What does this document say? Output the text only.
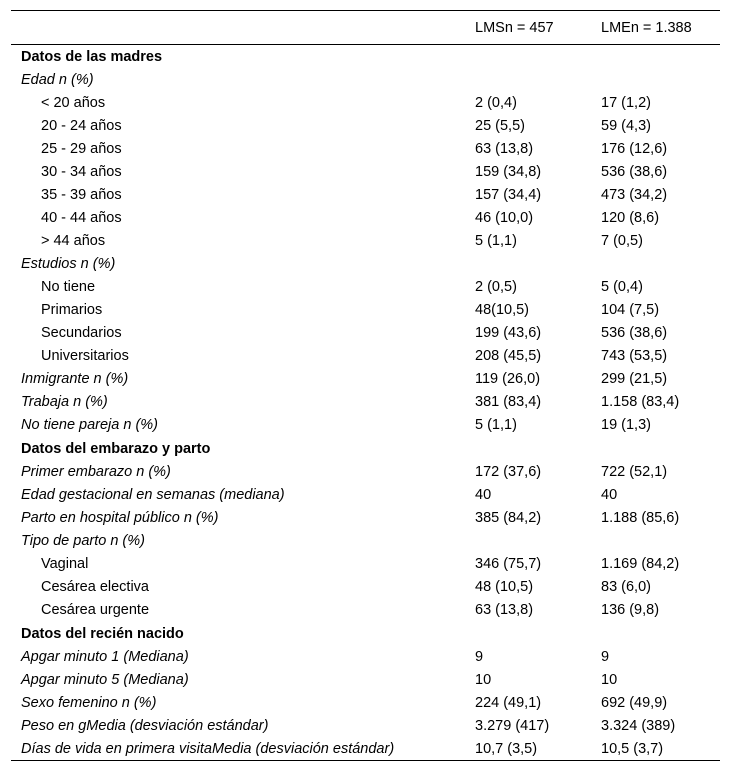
	LMSn = 457	LMEn = 1.388
Datos de las madres		
Edad n (%)		
< 20 años	2 (0,4)	17 (1,2)
20 - 24 años	25 (5,5)	59 (4,3)
25 - 29 años	63 (13,8)	176 (12,6)
30 - 34 años	159 (34,8)	536 (38,6)
35 - 39 años	157 (34,4)	473 (34,2)
40 - 44 años	46 (10,0)	120 (8,6)
> 44 años	5 (1,1)	7 (0,5)
Estudios n (%)		
No tiene	2 (0,5)	5 (0,4)
Primarios	48(10,5)	104 (7,5)
Secundarios	199 (43,6)	536 (38,6)
Universitarios	208 (45,5)	743 (53,5)
Inmigrante n (%)	119 (26,0)	299 (21,5)
Trabaja n (%)	381 (83,4)	1.158 (83,4)
No tiene pareja n (%)	5 (1,1)	19 (1,3)
Datos del embarazo y parto		
Primer embarazo n (%)	172 (37,6)	722 (52,1)
Edad gestacional en semanas (mediana)	40	40
Parto en hospital público n (%)	385 (84,2)	1.188 (85,6)
Tipo de parto n (%)		
Vaginal	346 (75,7)	1.169 (84,2)
Cesárea electiva	48 (10,5)	83 (6,0)
Cesárea urgente	63 (13,8)	136 (9,8)
Datos del recién nacido		
Apgar minuto 1 (Mediana)	9	9
Apgar minuto 5 (Mediana)	10	10
Sexo femenino n (%)	224 (49,1)	692 (49,9)
Peso en gMedia (desviación estándar)	3.279 (417)	3.324 (389)
Días de vida en primera visitaMedia (desviación estándar)	10,7 (3,5)	10,5 (3,7)
